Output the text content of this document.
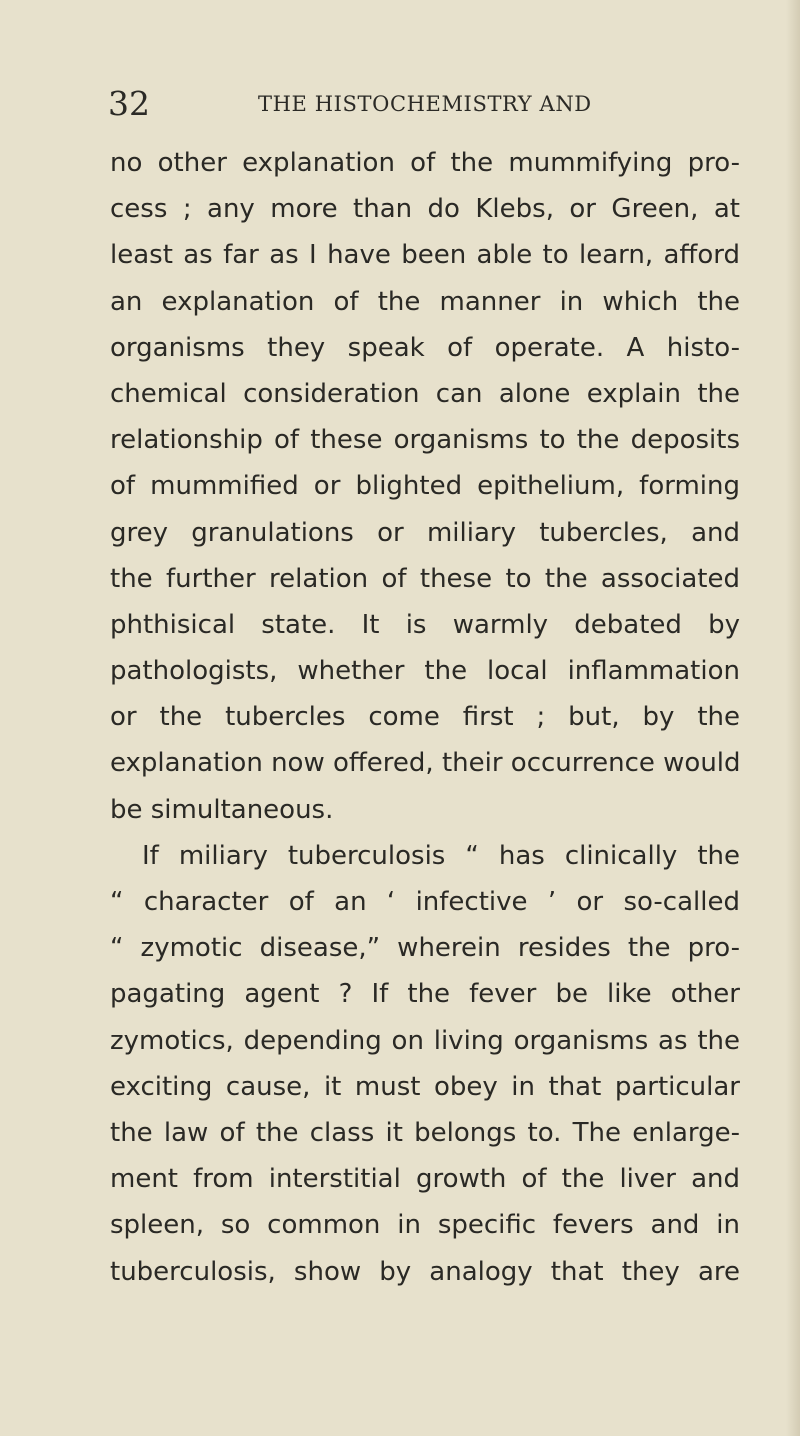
32	THE HISTOCHEMISTRY AND
no other explanation of the mummifying pro-
cess ; any more than do Klebs, or Green, at
least as far as I have been able to learn, afford
an explanation of the manner in which the
organisms they speak of operate. A histo-
chemical consideration can alone explain the
relationship of these organisms to the deposits
of mummified or blighted epithelium, forming
grey granulations or miliary tubercles, and
the further relation of these to the associated
phthisical state. It is warmly debated by
pathologists, whether the local inflammation
or the tubercles come first ; but, by the
explanation now offered, their occurrence would
be simultaneous.
If miliary tuberculosis “ has clinically the
“ character of an ‘ infective ’ or so-called
“ zymotic disease,” wherein resides the pro-
pagating agent ? If the fever be like other
zymotics, depending on living organisms as the
exciting cause, it must obey in that particular
the law of the class it belongs to. The enlarge-
ment from interstitial growth of the liver and
spleen, so common in specific fevers and in
tuberculosis, show by analogy that they are
